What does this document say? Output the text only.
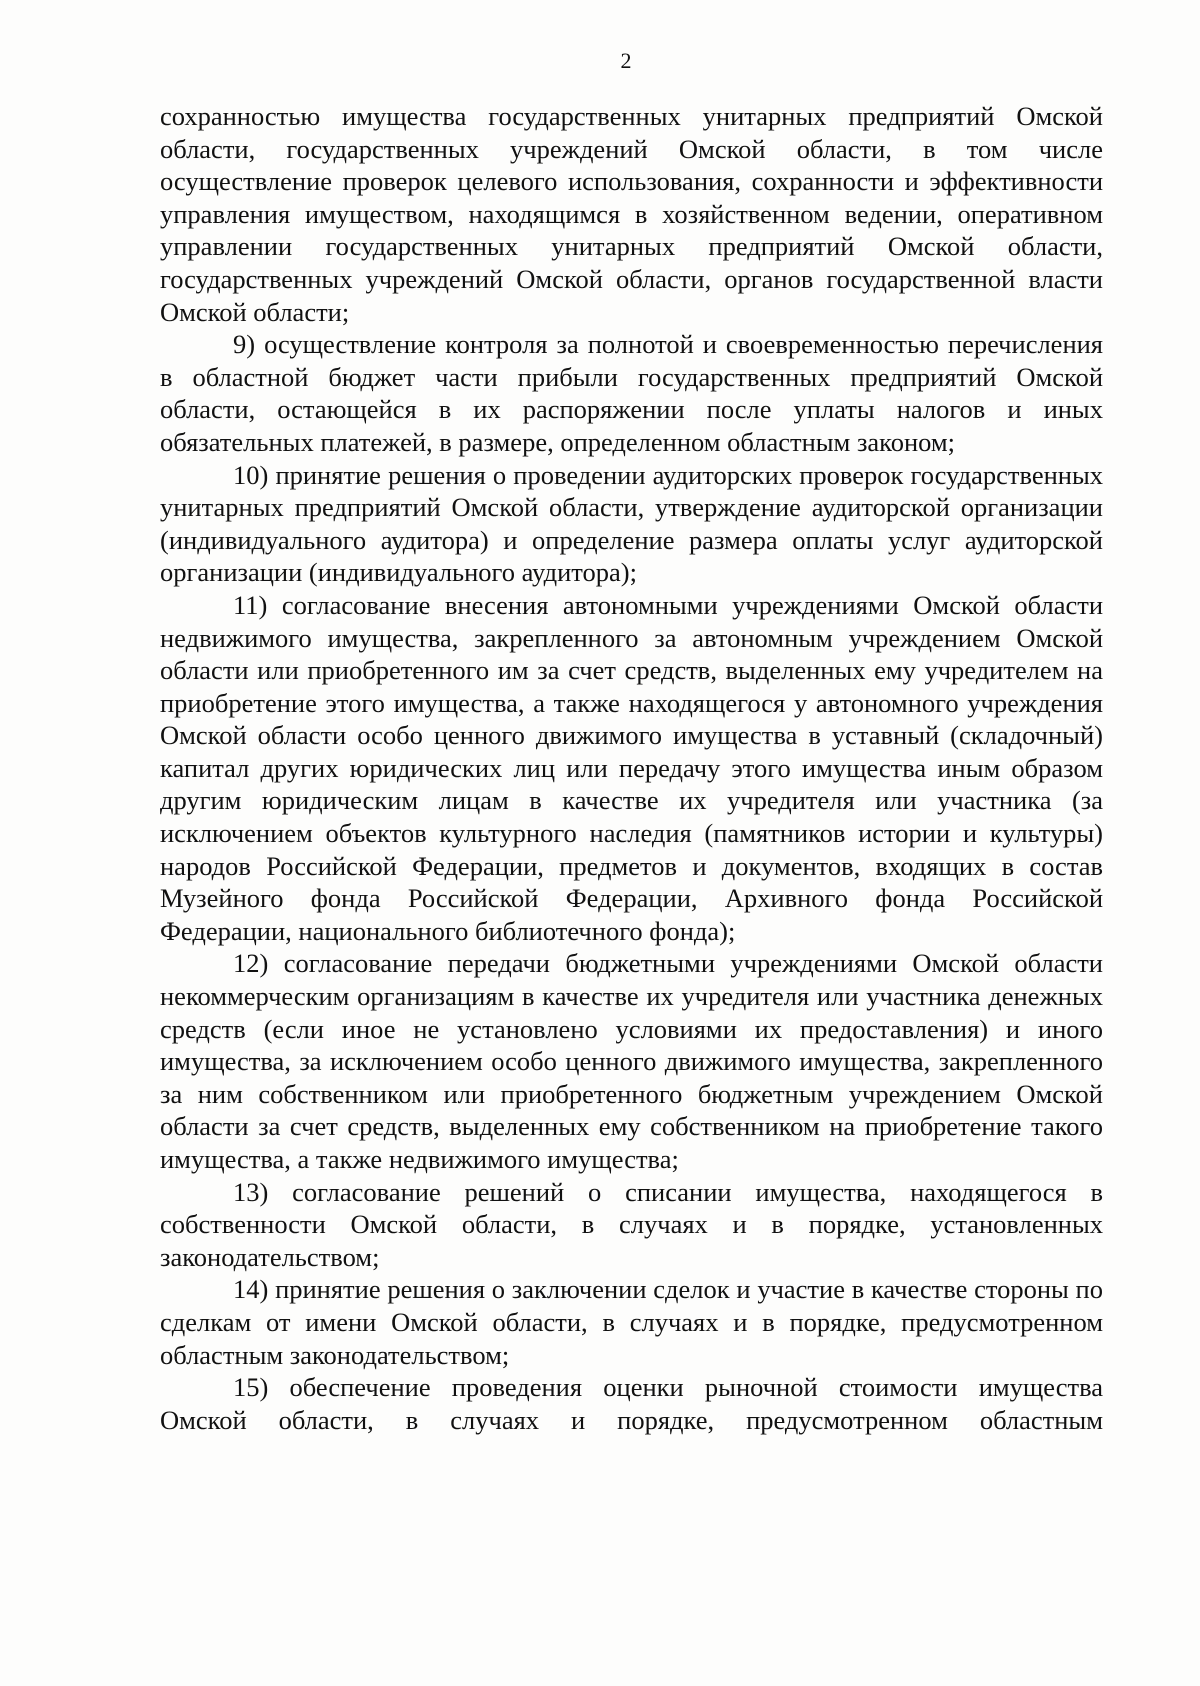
2

сохранностью имущества государственных унитарных предприятий Омской области, государственных учреждений Омской области, в том числе осуществление проверок целевого использования, сохранности и эффективности управления имуществом, находящимся в хозяйственном ведении, оперативном управлении государственных унитарных предприятий Омской области, государственных учреждений Омской области, органов государственной власти Омской области;

9) осуществление контроля за полнотой и своевременностью перечисления в областной бюджет части прибыли государственных предприятий Омской области, остающейся в их распоряжении после уплаты налогов и иных обязательных платежей, в размере, определенном областным законом;

10) принятие решения о проведении аудиторских проверок государственных унитарных предприятий Омской области, утверждение аудиторской организации (индивидуального аудитора) и определение размера оплаты услуг аудиторской организации (индивидуального аудитора);

11) согласование внесения автономными учреждениями Омской области недвижимого имущества, закрепленного за автономным учреждением Омской области или приобретенного им за счет средств, выделенных ему учредителем на приобретение этого имущества, а также находящегося у автономного учреждения Омской области особо ценного движимого имущества в уставный (складочный) капитал других юридических лиц или передачу этого имущества иным образом другим юридическим лицам в качестве их учредителя или участника (за исключением объектов культурного наследия (памятников истории и культуры) народов Российской Федерации, предметов и документов, входящих в состав Музейного фонда Российской Федерации, Архивного фонда Российской Федерации, национального библиотечного фонда);

12) согласование передачи бюджетными учреждениями Омской области некоммерческим организациям в качестве их учредителя или участника денежных средств (если иное не установлено условиями их предоставления) и иного имущества, за исключением особо ценного движимого имущества, закрепленного за ним собственником или приобретенного бюджетным учреждением Омской области за счет средств, выделенных ему собственником на приобретение такого имущества, а также недвижимого имущества;

13) согласование решений о списании имущества, находящегося в собственности Омской области, в случаях и в порядке, установленных законодательством;

14) принятие решения о заключении сделок и участие в качестве стороны по сделкам от имени Омской области, в случаях и в порядке, предусмотренном областным законодательством;

15) обеспечение проведения оценки рыночной стоимости имущества Омской области, в случаях и порядке, предусмотренном областным
